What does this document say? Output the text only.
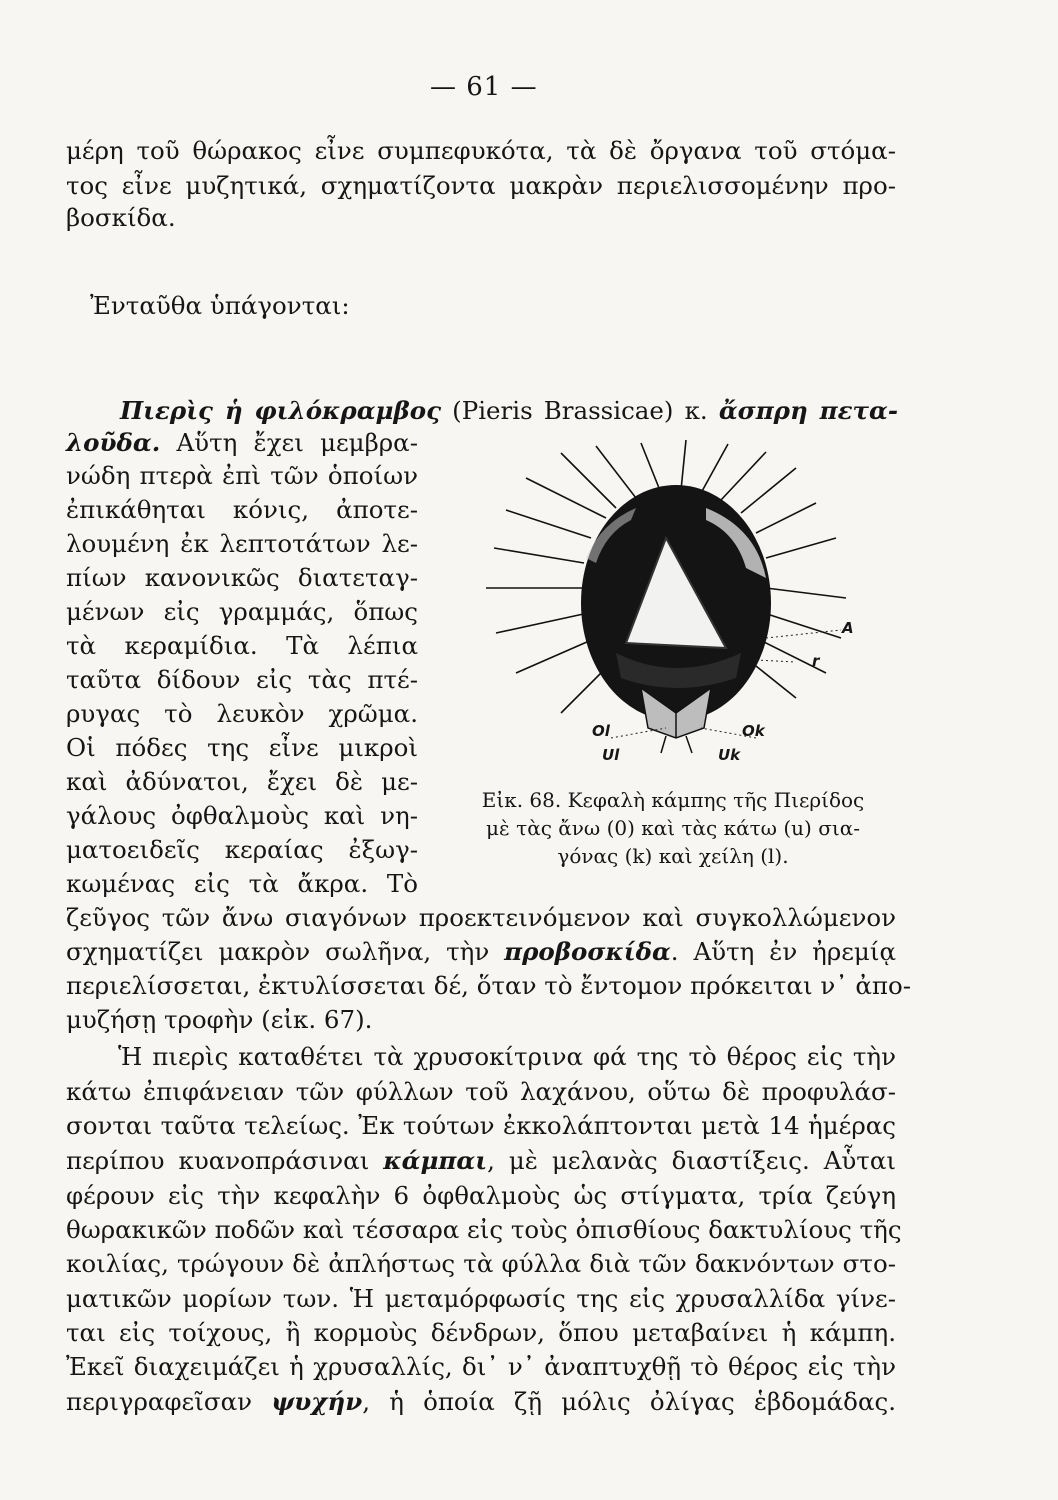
— 61 —
μέρη τοῦ θώρακος εἶνε συμπεφυκότα, τὰ δὲ ὄργανα τοῦ στόμα-
τος εἶνε μυζητικά, σχηματίζοντα μακρὰν περιελισσομένην προ-
βοσκίδα.
Ἐνταῦθα ὑπάγονται:
Πιερὶς ἡ φιλόκραμβος (Pieris Brassicae) κ. ἄσπρη πετα-
λοῦδα. Αὕτη ἔχει μεμβρα-
νώδη πτερὰ ἐπὶ τῶν ὁποίων
ἐπικάθηται κόνις, ἀποτε-
λουμένη ἐκ λεπτοτάτων λε-
πίων κανονικῶς διατεταγ-
μένων εἰς γραμμάς, ὅπως
τὰ κεραμίδια. Τὰ λέπια
ταῦτα δίδουν εἰς τὰς πτέ-
ρυγας τὸ λευκὸν χρῶμα.
Οἱ πόδες της εἶνε μικροὶ
καὶ ἀδύνατοι, ἔχει δὲ με-
γάλους ὀφθαλμοὺς καὶ νη-
ματοειδεῖς κεραίας ἐξωγ-
κωμένας εἰς τὰ ἄκρα. Τὸ
A
r
Ol	Ok
Ul	Uk
Εἰκ. 68. Κεφαλὴ κάμπης τῆς Πιερίδος
μὲ τὰς ἄνω (0) καὶ τὰς κάτω (u) σια-
γόνας (k) καὶ χείλη (l).
ζεῦγος τῶν ἄνω σιαγόνων προεκτεινόμενον καὶ συγκολλώμενον
σχηματίζει μακρὸν σωλῆνα, τὴν προβοσκίδα. Αὕτη ἐν ἠρεμίᾳ
περιελίσσεται, ἐκτυλίσσεται δέ, ὅταν τὸ ἔντομον πρόκειται ν᾿ ἀπο-
μυζήσῃ τροφὴν (εἰκ. 67).
Ἡ πιερὶς καταθέτει τὰ χρυσοκίτρινα φά της τὸ θέρος εἰς τὴν
κάτω ἐπιφάνειαν τῶν φύλλων τοῦ λαχάνου, οὕτω δὲ προφυλάσ-
σονται ταῦτα τελείως. Ἐκ τούτων ἐκκολάπτονται μετὰ 14 ἡμέρας
περίπου κυανοπράσιναι κάμπαι, μὲ μελανὰς διαστίξεις. Αὗται
φέρουν εἰς τὴν κεφαλὴν 6 ὀφθαλμοὺς ὡς στίγματα, τρία ζεύγη
θωρακικῶν ποδῶν καὶ τέσσαρα εἰς τοὺς ὀπισθίους δακτυλίους τῆς
κοιλίας, τρώγουν δὲ ἀπλήστως τὰ φύλλα διὰ τῶν δακνόντων στο-
ματικῶν μορίων των. Ἡ μεταμόρφωσίς της εἰς χρυσαλλίδα γίνε-
ται εἰς τοίχους, ἢ κορμοὺς δένδρων, ὅπου μεταβαίνει ἡ κάμπη.
Ἐκεῖ διαχειμάζει ἡ χρυσαλλίς, δι᾿ ν᾿ ἀναπτυχθῇ τὸ θέρος εἰς τὴν
περιγραφεῖσαν ψυχήν, ἡ ὁποία ζῇ μόλις ὀλίγας ἑβδομάδας.
